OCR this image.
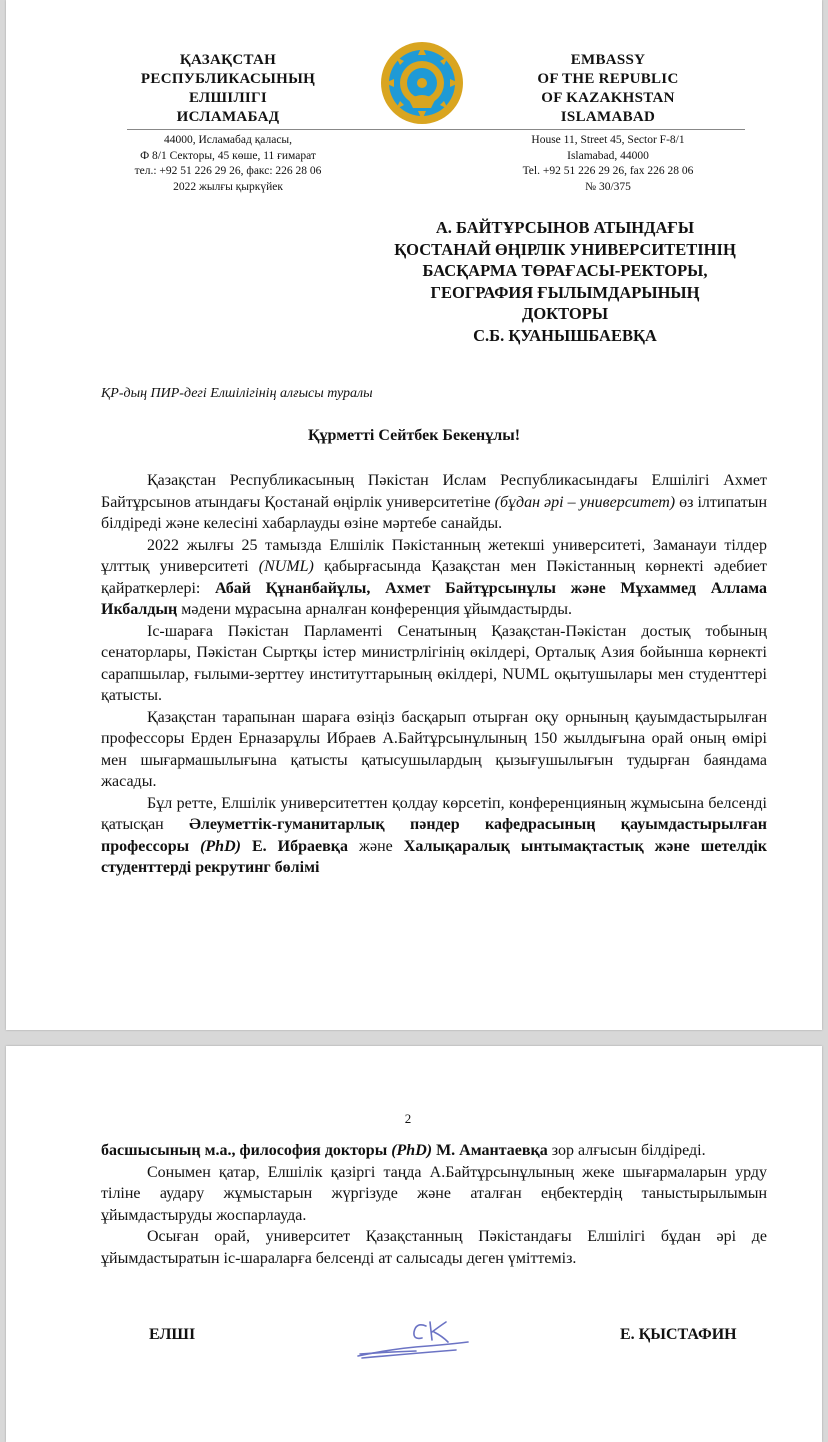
ҚАЗАҚСТАН
РЕСПУБЛИКАСЫНЫҢ
ЕЛШІЛІГІ
ИСЛАМАБАД
EMBASSY
OF THE REPUBLIC
OF KAZAKHSTAN
ISLAMABAD
44000, Исламабад қаласы,
Ф 8/1 Секторы, 45 көше, 11 ғимарат
тел.: +92 51 226 29 26, факс: 226 28 06
2022 жылғы қыркүйек
House 11, Street 45, Sector F-8/1
Islamabad, 44000
Tel. +92 51 226 29 26, fax 226 28 06
№ 30/375
А. БАЙТҰРСЫНОВ АТЫНДАҒЫ
ҚОСТАНАЙ ӨҢІРЛІК УНИВЕРСИТЕТІНІҢ
БАСҚАРМА ТӨРАҒАСЫ-РЕКТОРЫ,
ГЕОГРАФИЯ ҒЫЛЫМДАРЫНЫҢ
ДОКТОРЫ
С.Б. ҚУАНЫШБАЕВҚА
ҚР-дың ПИР-дегі Елшілігінің алғысы туралы
Құрметті Сейтбек Бекенұлы!

Қазақстан Республикасының Пәкістан Ислам Республикасындағы Елшілігі Ахмет Байтұрсынов атындағы Қостанай өңірлік университетіне (бұдан әрі – университет) өз ілтипатын білдіреді және келесіні хабарлауды өзіне мәртебе санайды.

2022 жылғы 25 тамызда Елшілік Пәкістанның жетекші университеті, Заманауи тілдер ұлттық университеті (NUML) қабырғасында Қазақстан мен Пәкістанның көрнекті әдебиет қайраткерлері: Абай Құнанбайұлы, Ахмет Байтұрсынұлы және Мұхаммед Аллама Икбалдың мәдени мұрасына арналған конференция ұйымдастырды.

Іс-шараға Пәкістан Парламенті Сенатының Қазақстан-Пәкістан достық тобының сенаторлары, Пәкістан Сыртқы істер министрлігінің өкілдері, Орталық Азия бойынша көрнекті сарапшылар, ғылыми-зерттеу институттарының өкілдері, NUML оқытушылары мен студенттері қатысты.

Қазақстан тарапынан шараға өзіңіз басқарып отырған оқу орнының қауымдастырылған профессоры Ерден Ерназарұлы Ибраев А.Байтұрсынұлының 150 жылдығына орай оның өмірі мен шығармашылығына қатысты қатысушылардың қызығушылығын тудырған баяндама жасады.

Бұл ретте, Елшілік университеттен қолдау көрсетіп, конференцияның жұмысына белсенді қатысқан Әлеуметтік-гуманитарлық пәндер кафедрасының қауымдастырылған профессоры (PhD) Е. Ибраевқа және Халықаралық ынтымақтастық және шетелдік студенттерді рекрутинг бөлімі

2

басшысының м.а., философия докторы (PhD) М. Амантаевқа зор алғысын білдіреді.

Сонымен қатар, Елшілік қазіргі таңда А.Байтұрсынұлының жеке шығармаларын урду тіліне аудару жұмыстарын жүргізуде және аталған еңбектердің таныстырылымын ұйымдастыруды жоспарлауда.

Осыған орай, университет Қазақстанның Пәкістандағы Елшілігі бұдан әрі де ұйымдастыратын іс-шараларға белсенді ат салысады деген үміттеміз.

ЕЛШІ	Е. ҚЫСТАФИН
